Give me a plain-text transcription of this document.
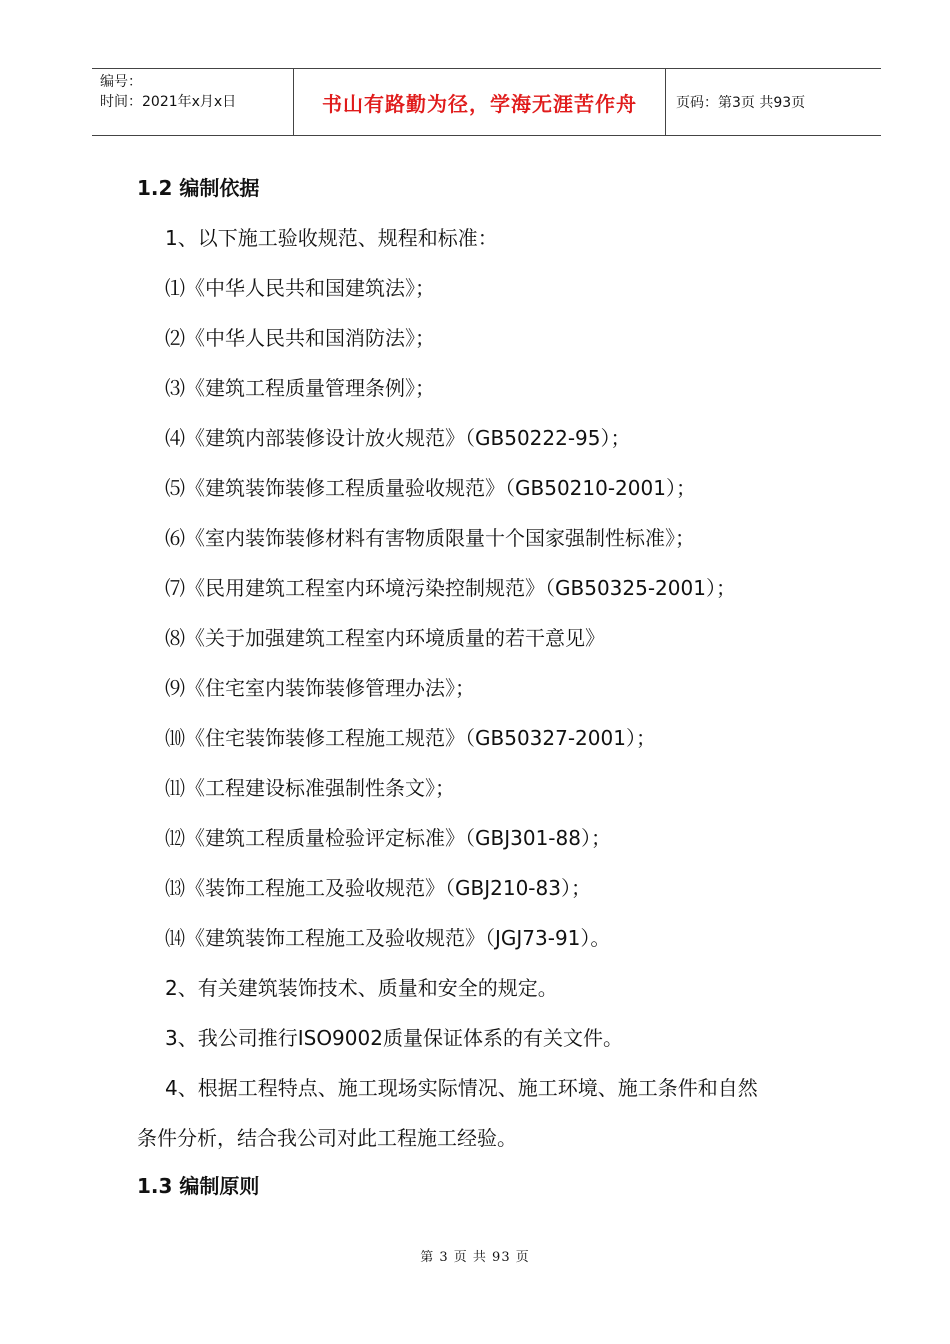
编号：
时间：2021年x月x日	书山有路勤为径，学海无涯苦作舟	页码：第3页 共93页
1.2 编制依据
1、以下施工验收规范、规程和标准：
⑴《中华人民共和国建筑法》；
⑵《中华人民共和国消防法》；
⑶《建筑工程质量管理条例》；
⑷《建筑内部装修设计放火规范》（GB50222-95）；
⑸《建筑装饰装修工程质量验收规范》（GB50210-2001）；
⑹《室内装饰装修材料有害物质限量十个国家强制性标准》；
⑺《民用建筑工程室内环境污染控制规范》（GB50325-2001）；
⑻《关于加强建筑工程室内环境质量的若干意见》
⑼《住宅室内装饰装修管理办法》；
⑽《住宅装饰装修工程施工规范》（GB50327-2001）；
⑾《工程建设标准强制性条文》；
⑿《建筑工程质量检验评定标准》（GBJ301-88）；
⒀《装饰工程施工及验收规范》（GBJ210-83）；
⒁《建筑装饰工程施工及验收规范》（JGJ73-91）。
2、有关建筑装饰技术、质量和安全的规定。
3、我公司推行ISO9002质量保证体系的有关文件。
4、根据工程特点、施工现场实际情况、施工环境、施工条件和自然
条件分析，结合我公司对此工程施工经验。
1.3 编制原则
第 3 页 共 93 页
